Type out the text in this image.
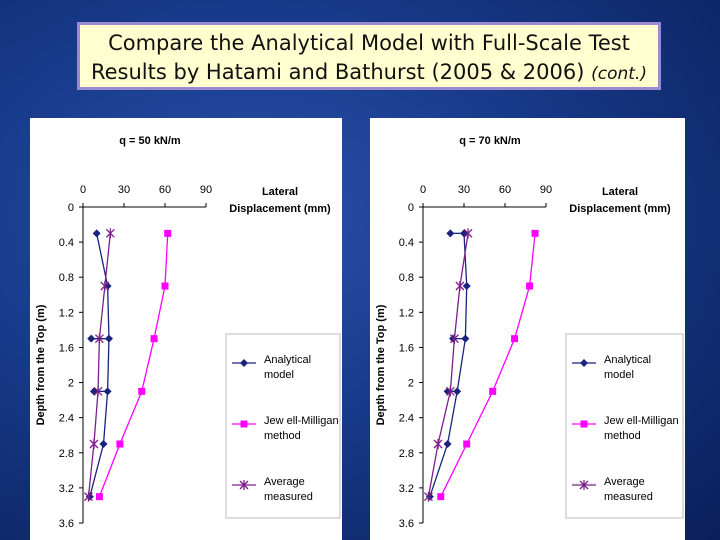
Compare the Analytical Model with Full-Scale Test Results by Hatami and Bathurst (2005 & 2006) (cont.)
q = 50 kN/m
0	30	60	90
0
0.4
0.8
1.2
1.6
2
2.4
2.8
3.2
3.6
Lateral
Displacement (mm)
Depth from the Top (m)	Analytical
model
Jew ell-Milligan
method
Average
measured
q = 70 kN/m
0	30	60	90
0
0.4
0.8
1.2
1.6
2
2.4
2.8
3.2
3.6
Lateral
Displacement (mm)
Depth from the Top (m)	Analytical
model
Jew ell-Milligan
method
Average
measured
